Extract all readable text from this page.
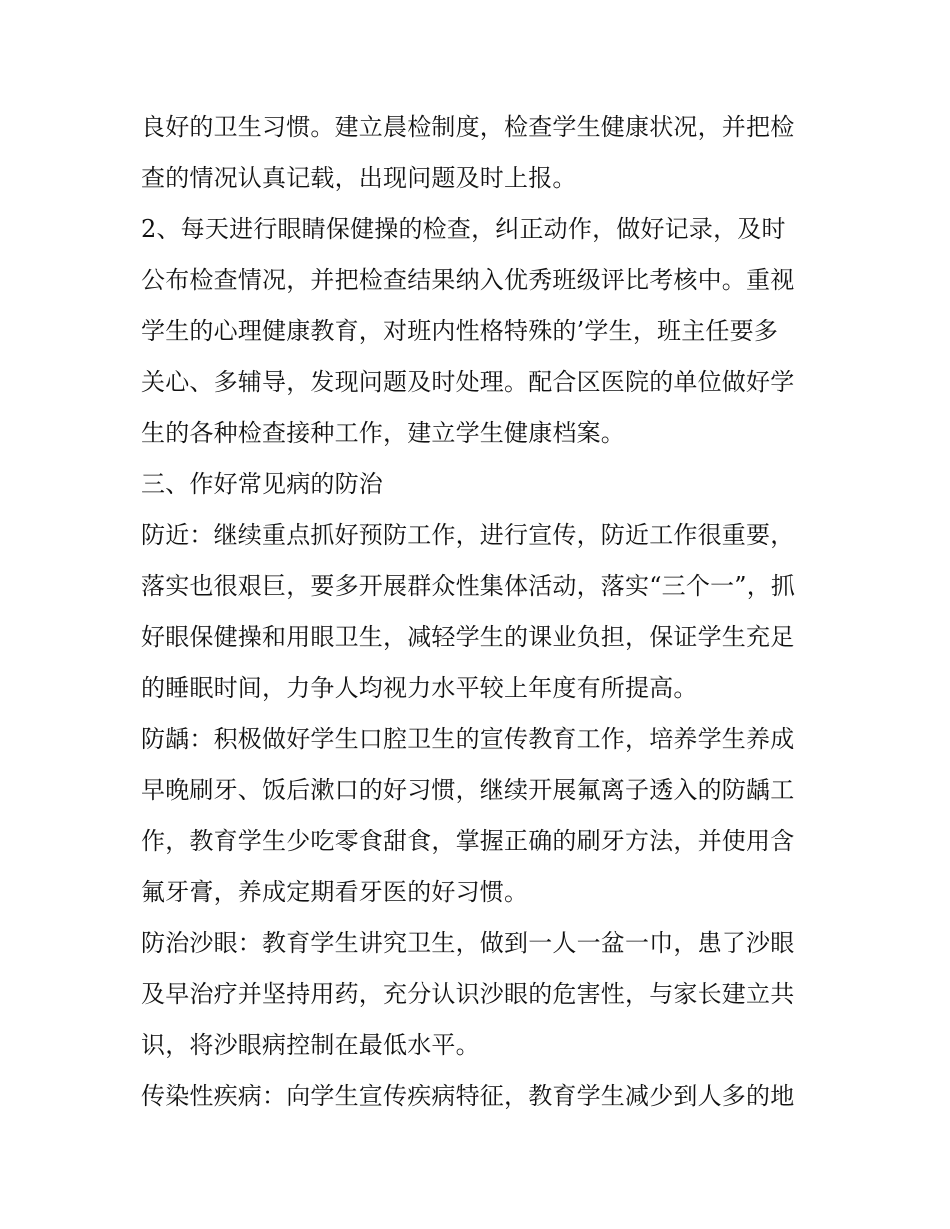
良好的卫生习惯。建立晨检制度，检查学生健康状况，并把检
查的情况认真记载，出现问题及时上报。
2、每天进行眼睛保健操的检查，纠正动作，做好记录，及时
公布检查情况，并把检查结果纳入优秀班级评比考核中。重视
学生的心理健康教育，对班内性格特殊的’学生，班主任要多
关心、多辅导，发现问题及时处理。配合区医院的单位做好学
生的各种检查接种工作，建立学生健康档案。
三、作好常见病的防治
防近：继续重点抓好预防工作，进行宣传，防近工作很重要，
落实也很艰巨，要多开展群众性集体活动，落实“三个一”，抓
好眼保健操和用眼卫生，减轻学生的课业负担，保证学生充足
的睡眠时间，力争人均视力水平较上年度有所提高。
防龋：积极做好学生口腔卫生的宣传教育工作，培养学生养成
早晚刷牙、饭后漱口的好习惯，继续开展氟离子透入的防龋工
作，教育学生少吃零食甜食，掌握正确的刷牙方法，并使用含
氟牙膏，养成定期看牙医的好习惯。
防治沙眼：教育学生讲究卫生，做到一人一盆一巾，患了沙眼
及早治疗并坚持用药，充分认识沙眼的危害性，与家长建立共
识，将沙眼病控制在最低水平。
传染性疾病：向学生宣传疾病特征，教育学生减少到人多的地
